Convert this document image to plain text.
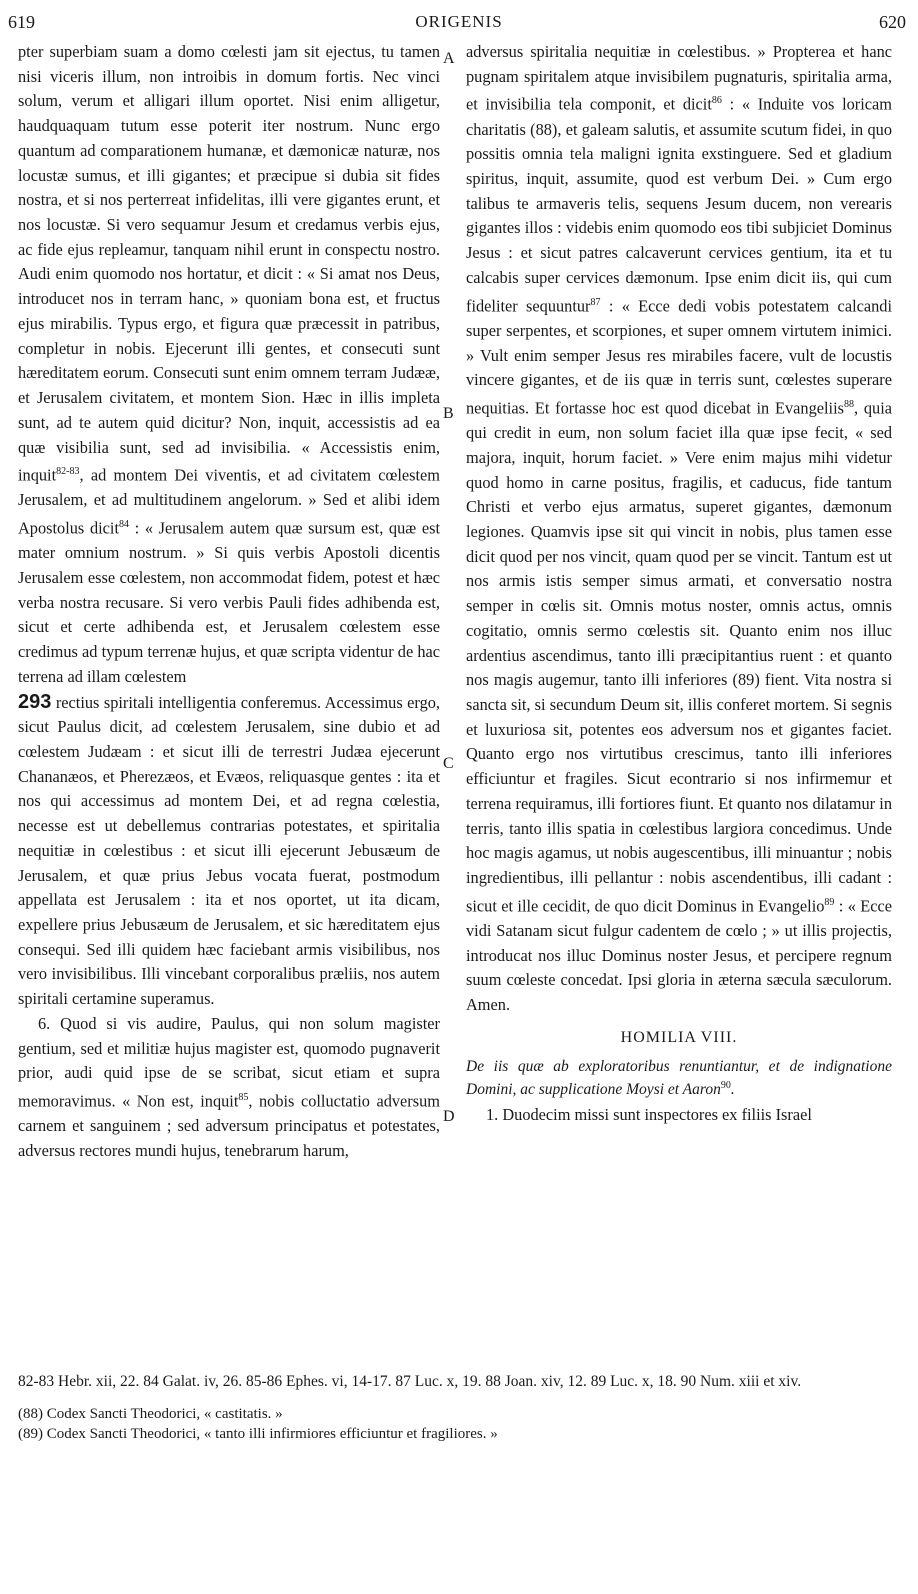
619	ORIGENIS	620
A
B
C
D

pter superbiam suam a domo cœlesti jam sit ejectus, tu tamen nisi viceris illum, non introibis in domum fortis. Nec vinci solum, verum et alligari illum oportet. Nisi enim alligetur, haudquaquam tutum esse poterit iter nostrum. Nunc ergo quantum ad comparationem humanæ, et dæmonicæ naturæ, nos locustæ sumus, et illi gigantes; et præcipue si dubia sit fides nostra, et si nos perterreat infidelitas, illi vere gigantes erunt, et nos locustæ. Si vero sequamur Jesum et credamus verbis ejus, ac fide ejus repleamur, tanquam nihil erunt in conspectu nostro. Audi enim quomodo nos hortatur, et dicit : « Si amat nos Deus, introducet nos in terram hanc, » quoniam bona est, et fructus ejus mirabilis. Typus ergo, et figura quæ præcessit in patribus, completur in nobis. Ejecerunt illi gentes, et consecuti sunt hæreditatem eorum. Consecuti sunt enim omnem terram Judææ, et Jerusalem civitatem, et montem Sion. Hæc in illis impleta sunt, ad te autem quid dicitur? Non, inquit, accessistis ad ea quæ visibilia sunt, sed ad invisibilia. « Accessistis enim, inquit$^{82-83}$, ad montem Dei viventis, et ad civitatem cœlestem Jerusalem, et ad multitudinem angelorum. » Sed et alibi idem Apostolus dicit$^{84}$ : « Jerusalem autem quæ sursum est, quæ est mater omnium nostrum. » Si quis verbis Apostoli dicentis Jerusalem esse cœlestem, non accommodat fidem, potest et hæc verba nostra recusare. Si vero verbis Pauli fides adhibenda est, sicut et certe adhibenda est, et Jerusalem cœlestem esse credimus ad typum terrenæ hujus, et quæ scripta videntur de hac terrena ad illam cœlestem
293 rectius spiritali intelligentia conferemus. Accessimus ergo, sicut Paulus dicit, ad cœlestem Jerusalem, sine dubio et ad cœlestem Judæam : et sicut illi de terrestri Judæa ejecerunt Chananæos, et Pherezæos, et Evæos, reliquasque gentes : ita et nos qui accessimus ad montem Dei, et ad regna cœlestia, necesse est ut debellemus contrarias potestates, et spiritalia nequitiæ in cœlestibus : et sicut illi ejecerunt Jebusæum de Jerusalem, et quæ prius Jebus vocata fuerat, postmodum appellata est Jerusalem : ita et nos oportet, ut ita dicam, expellere prius Jebusæum de Jerusalem, et sic hæreditatem ejus consequi. Sed illi quidem hæc faciebant armis visibilibus, nos vero invisibilibus. Illi vincebant corporalibus præliis, nos autem spiritali certamine superamus.

6. Quod si vis audire, Paulus, qui non solum magister gentium, sed et militiæ hujus magister est, quomodo pugnaverit prior, audi quid ipse de se scribat, sicut etiam et supra memoravimus. « Non est, inquit$^{85}$, nobis colluctatio adversum carnem et sanguinem ; sed adversum principatus et potestates, adversus rectores mundi hujus, tenebrarum harum,

adversus spiritalia nequitiæ in cœlestibus. » Propterea et hanc pugnam spiritalem atque invisibilem pugnaturis, spiritalia arma, et invisibilia tela componit, et dicit$^{86}$ : « Induite vos loricam charitatis (88), et galeam salutis, et assumite scutum fidei, in quo possitis omnia tela maligni ignita exstinguere. Sed et gladium spiritus, inquit, assumite, quod est verbum Dei. » Cum ergo talibus te armaveris telis, sequens Jesum ducem, non verearis gigantes illos : videbis enim quomodo eos tibi subjiciet Dominus Jesus : et sicut patres calcaverunt cervices gentium, ita et tu calcabis super cervices dæmonum. Ipse enim dicit iis, qui cum fideliter sequuntur$^{87}$ : « Ecce dedi vobis potestatem calcandi super serpentes, et scorpiones, et super omnem virtutem inimici. » Vult enim semper Jesus res mirabiles facere, vult de locustis vincere gigantes, et de iis quæ in terris sunt, cœlestes superare nequitias. Et fortasse hoc est quod dicebat in Evangeliis$^{88}$, quia qui credit in eum, non solum faciet illa quæ ipse fecit, « sed majora, inquit, horum faciet. » Vere enim majus mihi videtur quod homo in carne positus, fragilis, et caducus, fide tantum Christi et verbo ejus armatus, superet gigantes, dæmonum legiones. Quamvis ipse sit qui vincit in nobis, plus tamen esse dicit quod per nos vincit, quam quod per se vincit. Tantum est ut nos armis istis semper simus armati, et conversatio nostra semper in cœlis sit. Omnis motus noster, omnis actus, omnis cogitatio, omnis sermo cœlestis sit. Quanto enim nos illuc ardentius ascendimus, tanto illi præcipitantius ruent : et quanto nos magis augemur, tanto illi inferiores (89) fient. Vita nostra si sancta sit, si secundum Deum sit, illis conferet mortem. Si segnis et luxuriosa sit, potentes eos adversum nos et gigantes faciet. Quanto ergo nos virtutibus crescimus, tanto illi inferiores efficiuntur et fragiles. Sicut econtrario si nos infirmemur et terrena requiramus, illi fortiores fiunt. Et quanto nos dilatamur in terris, tanto illis spatia in cœlestibus largiora concedimus. Unde hoc magis agamus, ut nobis augescentibus, illi minuantur ; nobis ingredientibus, illi pellantur : nobis ascendentibus, illi cadant : sicut et ille cecidit, de quo dicit Dominus in Evangelio$^{89}$ : « Ecce vidi Satanam sicut fulgur cadentem de cœlo ; » ut illis projectis, introducat nos illuc Dominus noster Jesus, et percipere regnum suum cœleste concedat. Ipsi gloria in æterna sæcula sæculorum. Amen.

HOMILIA VIII.

De iis quæ ab exploratoribus renuntiantur, et de indignatione Domini, ac supplicatione Moysi et Aaron$^{90}$.

1. Duodecim missi sunt inspectores ex filiis Israel

82-83 Hebr. xii, 22. 84 Galat. iv, 26. 85-86 Ephes. vi, 14-17. 87 Luc. x, 19. 88 Joan. xiv, 12. 89 Luc. x, 18. 90 Num. xiii et xiv.

(88) Codex Sancti Theodorici, « castitatis. »

(89) Codex Sancti Theodorici, « tanto illi infirmiores efficiuntur et fragiliores. »
